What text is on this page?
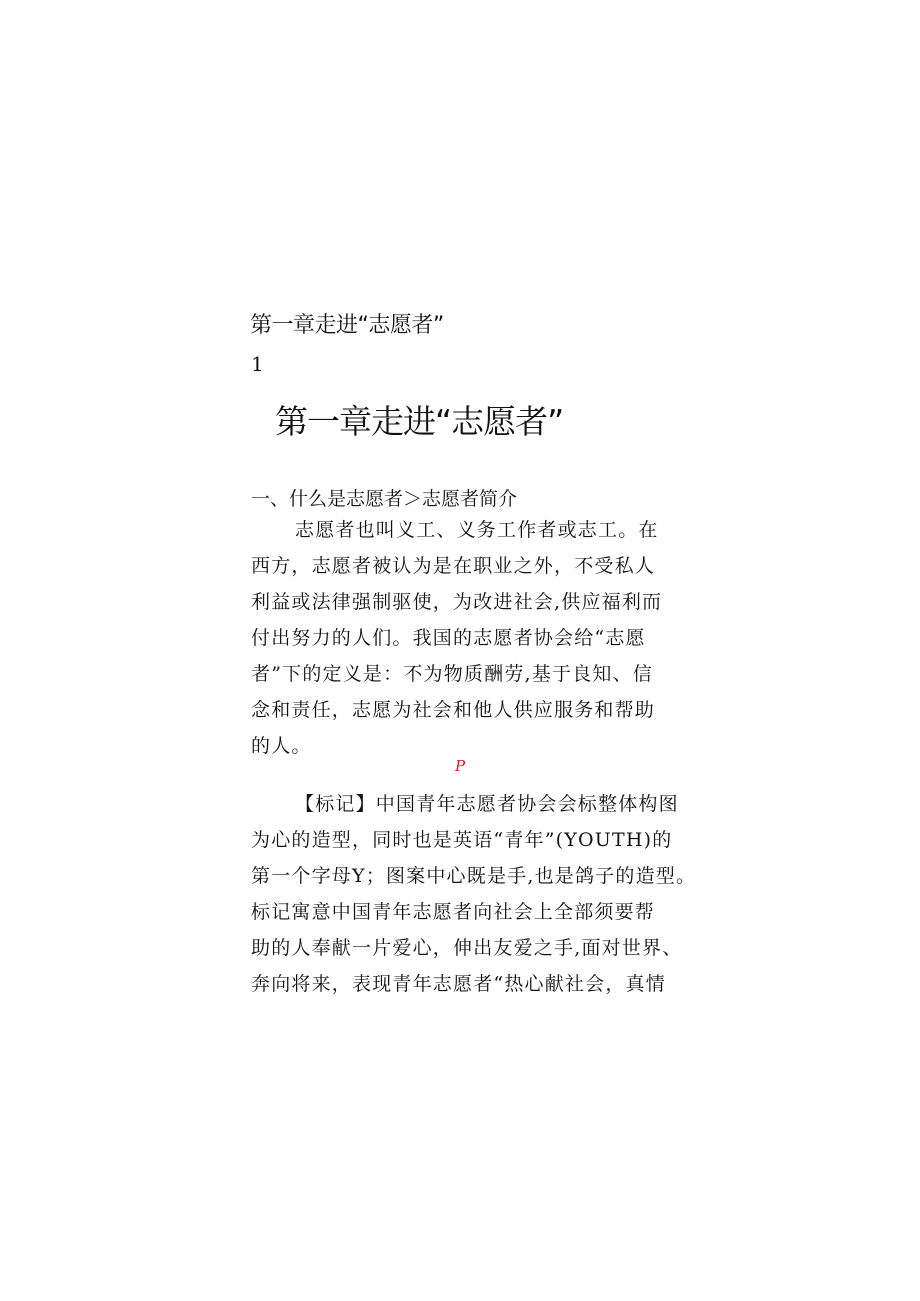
第一章走进“志愿者”
1
第一章走进“志愿者”
一、什么是志愿者＞志愿者简介
志愿者也叫义工、义务工作者或志工。在
西方，志愿者被认为是在职业之外，不受私人
利益或法律强制驱使，为改进社会,供应福利而
付出努力的人们。我国的志愿者协会给“志愿
者”下的定义是：不为物质酬劳,基于良知、信
念和责任，志愿为社会和他人供应服务和帮助
的人。
P
【标记】中国青年志愿者协会会标整体构图
为心的造型，同时也是英语“青年”(YOUTH)的
第一个字母Y；图案中心既是手,也是鸽子的造型。
标记寓意中国青年志愿者向社会上全部须要帮
助的人奉献一片爱心，伸出友爱之手,面对世界、
奔向将来，表现青年志愿者“热心献社会，真情
